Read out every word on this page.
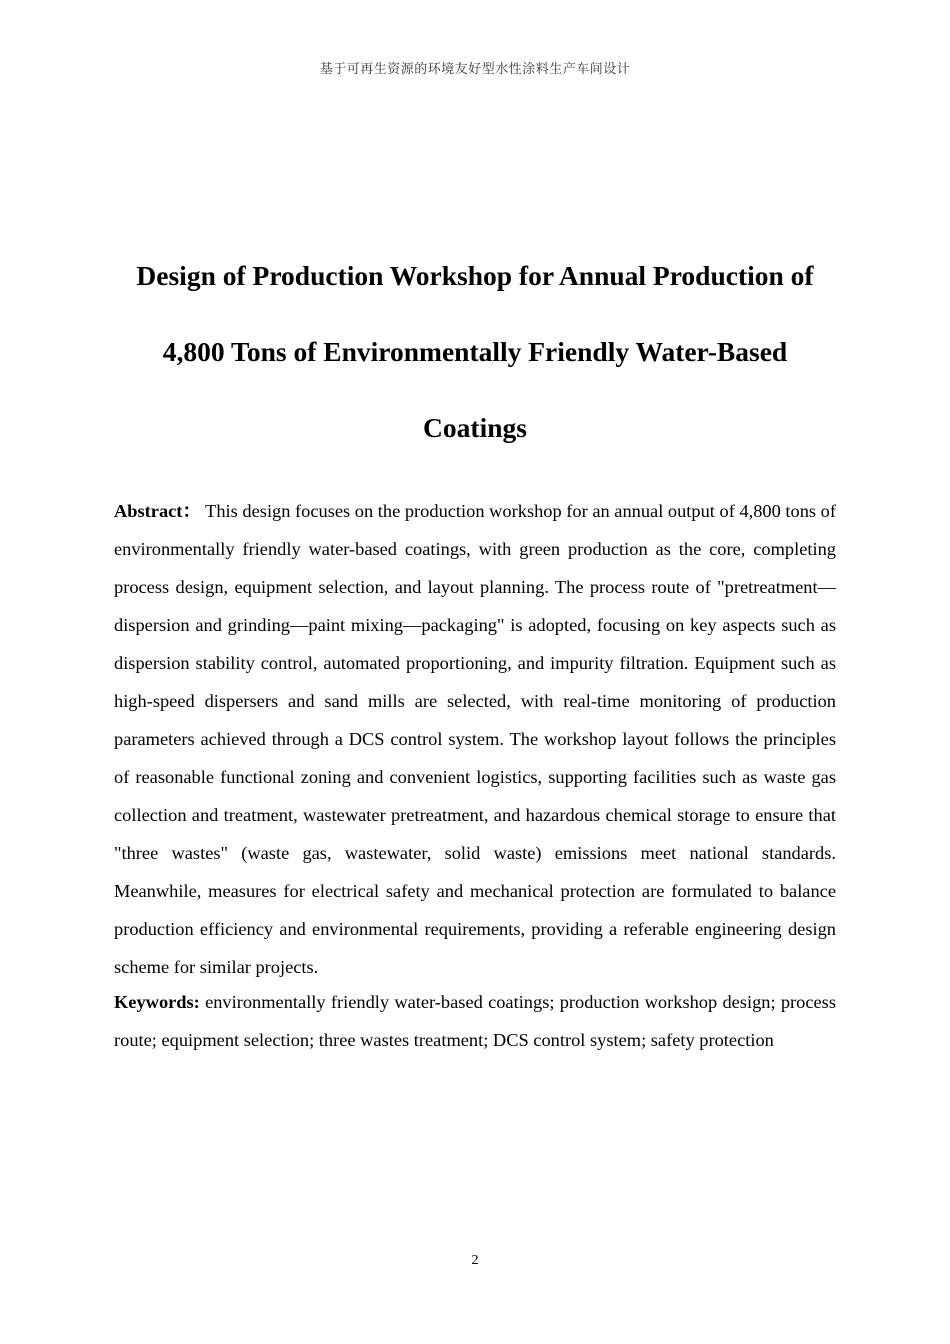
基于可再生资源的环境友好型水性涂料生产车间设计
Design of Production Workshop for Annual Production of
4,800 Tons of Environmentally Friendly Water-Based
Coatings

Abstract： This design focuses on the production workshop for an annual output of 4,800 tons of environmentally friendly water-based coatings, with green production as the core, completing process design, equipment selection, and layout planning. The process route of "pretreatment—dispersion and grinding—paint mixing—packaging" is adopted, focusing on key aspects such as dispersion stability control, automated proportioning, and impurity filtration. Equipment such as high-speed dispersers and sand mills are selected, with real-time monitoring of production parameters achieved through a DCS control system. The workshop layout follows the principles of reasonable functional zoning and convenient logistics, supporting facilities such as waste gas collection and treatment, wastewater pretreatment, and hazardous chemical storage to ensure that "three wastes" (waste gas, wastewater, solid waste) emissions meet national standards. Meanwhile, measures for electrical safety and mechanical protection are formulated to balance production efficiency and environmental requirements, providing a referable engineering design scheme for similar projects.

Keywords: environmentally friendly water-based coatings; production workshop design; process route; equipment selection; three wastes treatment; DCS control system; safety protection

2
